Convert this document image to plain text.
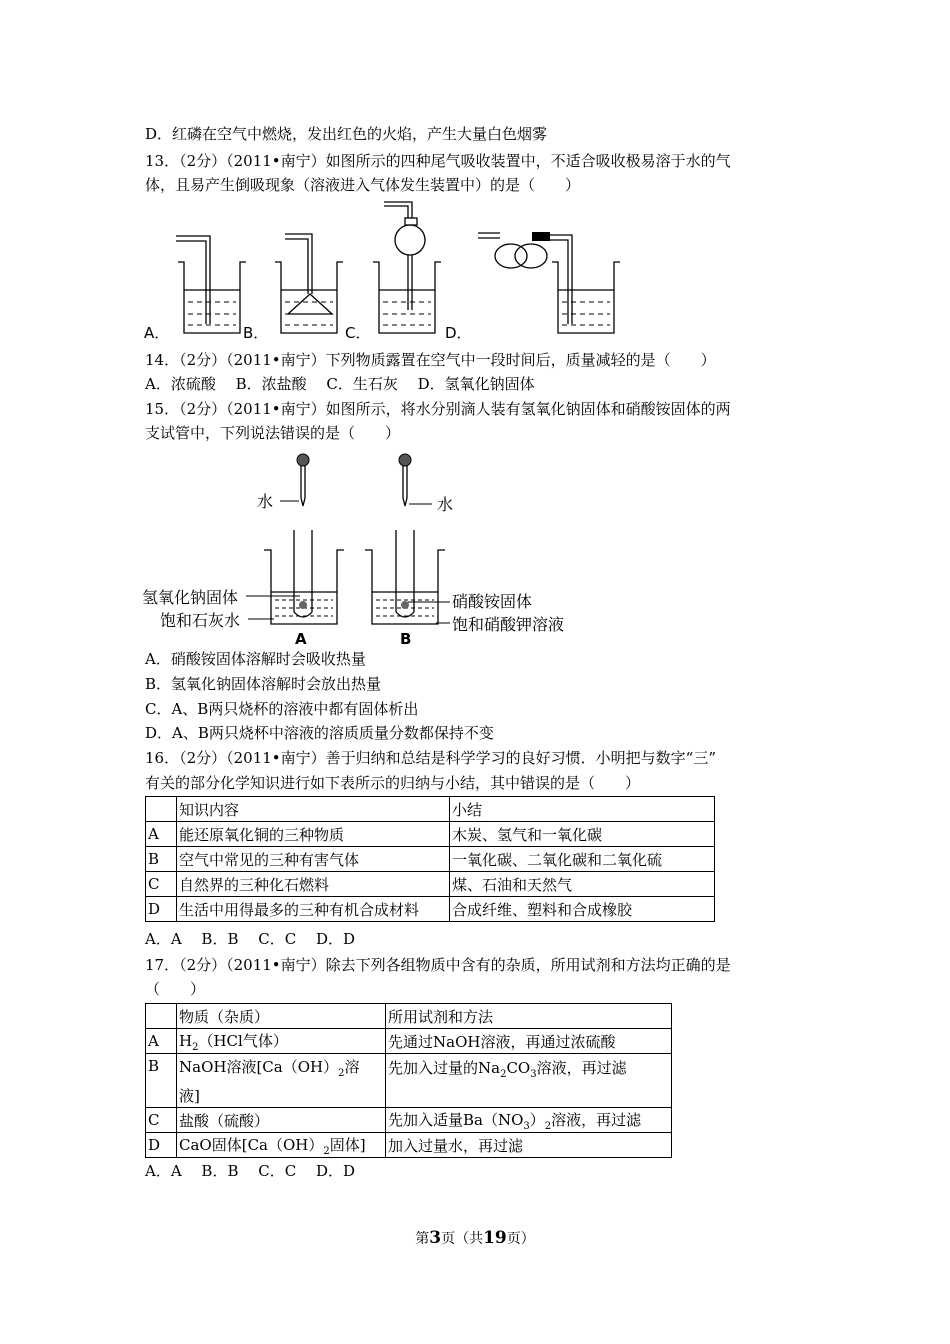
D．红磷在空气中燃烧，发出红色的火焰，产生大量白色烟雾
13．（2分）（2011•南宁）如图所示的四种尾气吸收装置中，不适合吸收极易溶于水的气
体，且易产生倒吸现象（溶液进入气体发生装置中）的是（　　）
A．	B．	C．	D．
14．（2分）（2011•南宁）下列物质露置在空气中一段时间后，质量减轻的是（　　）
A．浓硫酸　 B．浓盐酸　 C．生石灰　 D．氢氧化钠固体
15．（2分）（2011•南宁）如图所示，将水分别滴人装有氢氧化钠固体和硝酸铵固体的两
支试管中，下列说法错误的是（　　）
水	水
氢氧化钠固体
饱和石灰水
硝酸铵固体
饱和硝酸钾溶液
A	B
A．硝酸铵固体溶解时会吸收热量
B．氢氧化钠固体溶解时会放出热量
C．A、B两只烧杯的溶液中都有固体析出
D．A、B两只烧杯中溶液的溶质质量分数都保持不变
16．（2分）（2011•南宁）善于归纳和总结是科学学习的良好习惯．小明把与数字“三”
有关的部分化学知识进行如下表所示的归纳与小结，其中错误的是（　　）
	知识内容	小结
A	能还原氧化铜的三种物质	木炭、氢气和一氧化碳
B	空气中常见的三种有害气体	一氧化碳、二氧化碳和二氧化硫
C	自然界的三种化石燃料	煤、石油和天然气
D	生活中用得最多的三种有机合成材料	合成纤维、塑料和合成橡胶
A．A　 B．B　 C．C　 D．D
17．（2分）（2011•南宁）除去下列各组物质中含有的杂质，所用试剂和方法均正确的是
（　　）
	物质（杂质）	所用试剂和方法
A	$H_2(HCl$气体）	先通过NaOH溶液，再通过浓硫酸
B	NaOH溶液[$Ca(OH)_2$溶
液]	先加入过量的$Na_2CO_3$溶液，再过滤
C	盐酸（硫酸）	先加入适量$Ba(NO_3)_2$溶液，再过滤
D	CaO固体[$Ca(OH)_2$固体]	加入过量水，再过滤
A．A　 B．B　 C．C　 D．D
第3页（共19页）
